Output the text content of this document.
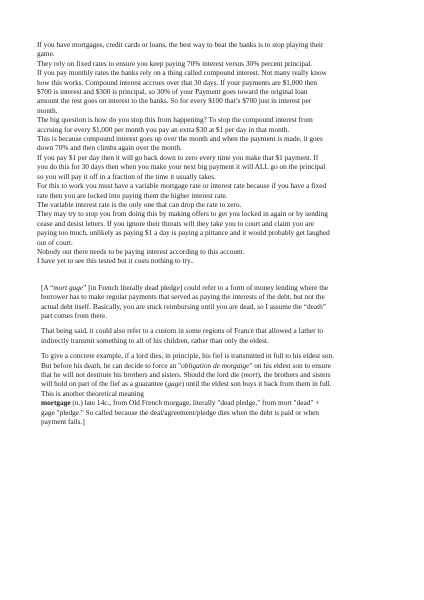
If you have mortgages, credit cards or loans, the best way to beat the banks is to stop playing their
game.
They rely on fixed rates to ensure you keep paying 70% interest versus 30% percent principal.
If you pay monthly rates the banks rely on a thing called compound interest. Not many really know
how this works. Compound interest accrues over that 30 days. If your payments are $1,000 then
$700 is interest and $300 is principal, so 30% of your Payment goes toward the original loan
amount the rest goes on interest to the banks. So for every $100 that’s $700 just in interest per
month.
The big question is how do you stop this from happening? To stop the compound interest from
accruing for every $1,000 per month you pay an extra $30 at $1 per day in that month.
This is because compound interest goes up over the month and when the payment is made, it goes
down 70% and then climbs again over the month.
If you pay $1 per day then it will go back down to zero every time you make that $1 payment. If
you do this for 30 days then when you make your next big payment it will ALL go on the principal
so you will pay it off in a fraction of the time it usually takes.
For this to work you must have a variable mortgage rate or interest rate because if you have a fixed
rate then you are locked into paying them the higher interest rate.
The variable interest rate is the only one that can drop the rate to zero.
They may try to stop you from doing this by making offers to get you locked in again or by sending
cease and desist letters. If you ignore their threats will they take you to court and claim you are
paying too much, unlikely as paying $1 a day is paying a pittance and it would probably get laughed
out of court.
Nobody out there needs to be paying interest according to this account.
I have yet to see this tested but it costs nothing to try..
[A “mort gage” [in French literally dead pledge] could refer to a form of money lending where the
borrower has to make regular payments that served as paying the interests of the debt, but not the
actual debt itself. Basically, you are stuck reimbursing until you are dead, so I assume the “death”
part comes from there.
That being said, it could also refer to a custom in some regions of France that allowed a father to
indirectly transmit something to all of his children, rather than only the eldest.
To give a concrete example, if a lord dies, in principle, his fief is transmitted in full to his eldest son.
But before his death, he can decide to force an "obligation de morgaige" on his eldest son to ensure
that he will not destitute his brothers and sisters. Should the lord die (mort), the brothers and sisters
will hold on part of the fief as a guarantee (gage) until the eldest son buys it back from them in full.
This is another theoretical meaning
mortgage (n.) late 14c., from Old French morgage, literally "dead pledge," from mort "dead" +
gage "pledge." So called because the deal/agreement/pledge dies when the debt is paid or when
payment fails.]
